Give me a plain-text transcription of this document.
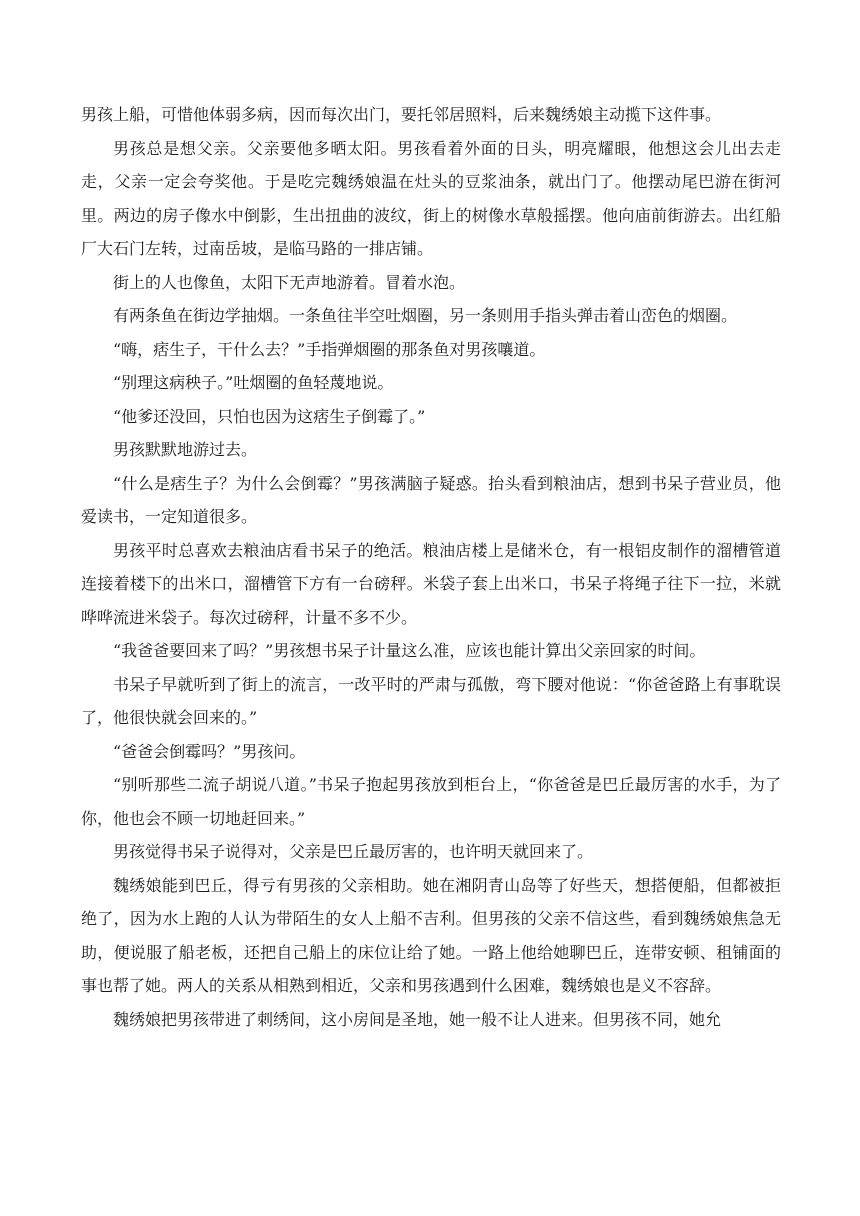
男孩上船，可惜他体弱多病，因而每次出门，要托邻居照料，后来魏绣娘主动揽下这件事。

男孩总是想父亲。父亲要他多晒太阳。男孩看着外面的日头，明亮耀眼，他想这会儿出去走走，父亲一定会夸奖他。于是吃完魏绣娘温在灶头的豆浆油条，就出门了。他摆动尾巴游在街河里。两边的房子像水中倒影，生出扭曲的波纹，街上的树像水草般摇摆。他向庙前街游去。出红船厂大石门左转，过南岳坡，是临马路的一排店铺。

街上的人也像鱼，太阳下无声地游着。冒着水泡。

有两条鱼在街边学抽烟。一条鱼往半空吐烟圈，另一条则用手指头弹击着山峦色的烟圈。

“嗨，痞生子，干什么去？”手指弹烟圈的那条鱼对男孩嚷道。

“别理这病秧子。”吐烟圈的鱼轻蔑地说。

“他爹还没回，只怕也因为这痞生子倒霉了。”

男孩默默地游过去。

“什么是痞生子？为什么会倒霉？”男孩满脑子疑惑。抬头看到粮油店，想到书呆子营业员，他爱读书，一定知道很多。

男孩平时总喜欢去粮油店看书呆子的绝活。粮油店楼上是储米仓，有一根铝皮制作的溜槽管道连接着楼下的出米口，溜槽管下方有一台磅秤。米袋子套上出米口，书呆子将绳子往下一拉，米就哗哗流进米袋子。每次过磅秤，计量不多不少。

“我爸爸要回来了吗？”男孩想书呆子计量这么准，应该也能计算出父亲回家的时间。

书呆子早就听到了街上的流言，一改平时的严肃与孤傲，弯下腰对他说：“你爸爸路上有事耽误了，他很快就会回来的。”

“爸爸会倒霉吗？”男孩问。

“别听那些二流子胡说八道。”书呆子抱起男孩放到柜台上，“你爸爸是巴丘最厉害的水手，为了你，他也会不顾一切地赶回来。”

男孩觉得书呆子说得对，父亲是巴丘最厉害的，也许明天就回来了。

魏绣娘能到巴丘，得亏有男孩的父亲相助。她在湘阴青山岛等了好些天，想搭便船，但都被拒绝了，因为水上跑的人认为带陌生的女人上船不吉利。但男孩的父亲不信这些，看到魏绣娘焦急无助，便说服了船老板，还把自己船上的床位让给了她。一路上他给她聊巴丘，连带安顿、租铺面的事也帮了她。两人的关系从相熟到相近，父亲和男孩遇到什么困难，魏绣娘也是义不容辞。

魏绣娘把男孩带进了刺绣间，这小房间是圣地，她一般不让人进来。但男孩不同，她允
